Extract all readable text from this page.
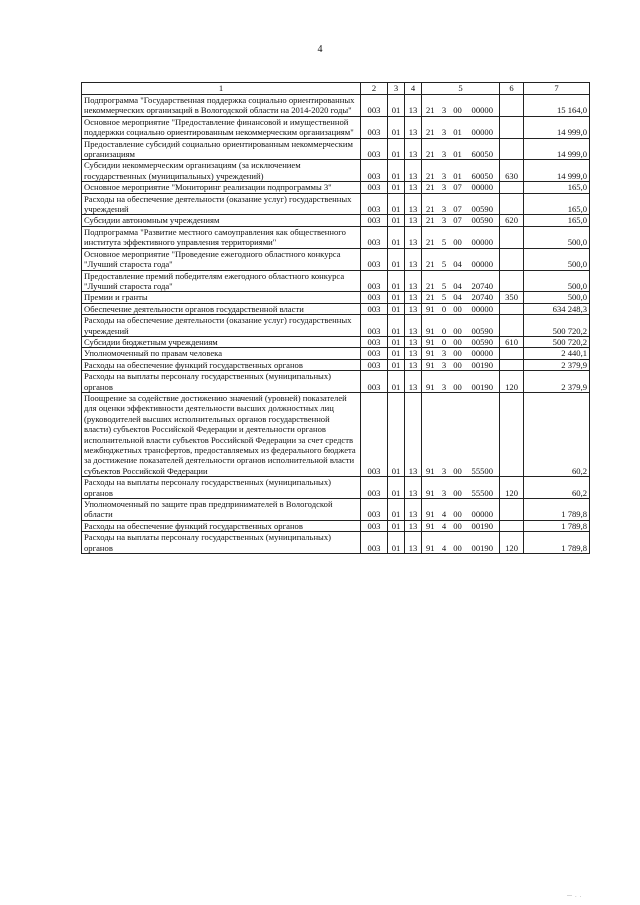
4
1	2	3	4	5				6	7
Подпрограмма "Государственная поддержка социально ориентированных некоммерческих организаций в Вологодской области на 2014-2020 годы"	003	01	13	21	3	00	00000		15 164,0
Основное мероприятие "Предоставление финансовой и имущественной поддержки социально ориентированным некоммерческим организациям"	003	01	13	21	3	01	00000		14 999,0
Предоставление субсидий социально ориентированным некоммерческим организациям	003	01	13	21	3	01	60050		14 999,0
Субсидии некоммерческим организациям (за исключением государственных (муниципальных) учреждений)	003	01	13	21	3	01	60050	630	14 999,0
Основное мероприятие "Мониторинг реализации подпрограммы 3"	003	01	13	21	3	07	00000		165,0
Расходы на обеспечение деятельности (оказание услуг) государственных учреждений	003	01	13	21	3	07	00590		165,0
Субсидии автономным учреждениям	003	01	13	21	3	07	00590	620	165,0
Подпрограмма "Развитие местного самоуправления как общественного института эффективного управления территориями"	003	01	13	21	5	00	00000		500,0
Основное мероприятие "Проведение ежегодного областного конкурса "Лучший староста года"	003	01	13	21	5	04	00000		500,0
Предоставление премий победителям ежегодного областного конкурса "Лучший староста года"	003	01	13	21	5	04	20740		500,0
Премии и гранты	003	01	13	21	5	04	20740	350	500,0
Обеспечение деятельности органов государственной власти	003	01	13	91	0	00	00000		634 248,3
Расходы на обеспечение деятельности (оказание услуг) государственных учреждений	003	01	13	91	0	00	00590		500 720,2
Субсидии бюджетным учреждениям	003	01	13	91	0	00	00590	610	500 720,2
Уполномоченный по правам человека	003	01	13	91	3	00	00000		2 440,1
Расходы на обеспечение функций государственных органов	003	01	13	91	3	00	00190		2 379,9
Расходы на выплаты персоналу государственных (муниципальных) органов	003	01	13	91	3	00	00190	120	2 379,9
Поощрение за содействие достижению значений (уровней) показателей для оценки эффективности деятельности высших должностных лиц (руководителей высших исполнительных органов государственной власти) субъектов Российской Федерации и деятельности органов исполнительной власти субъектов Российской Федерации за счет средств межбюджетных трансфертов, предоставляемых из федерального бюджета за достижение показателей деятельности органов исполнительной власти субъектов Российской Федерации	003	01	13	91	3	00	55500		60,2
Расходы на выплаты персоналу государственных (муниципальных) органов	003	01	13	91	3	00	55500	120	60,2
Уполномоченный по защите прав предпринимателей в Вологодской области	003	01	13	91	4	00	00000		1 789,8
Расходы на обеспечение функций государственных органов	003	01	13	91	4	00	00190		1 789,8
Расходы на выплаты персоналу государственных (муниципальных) органов	003	01	13	91	4	00	00190	120	1 789,8
— . .
